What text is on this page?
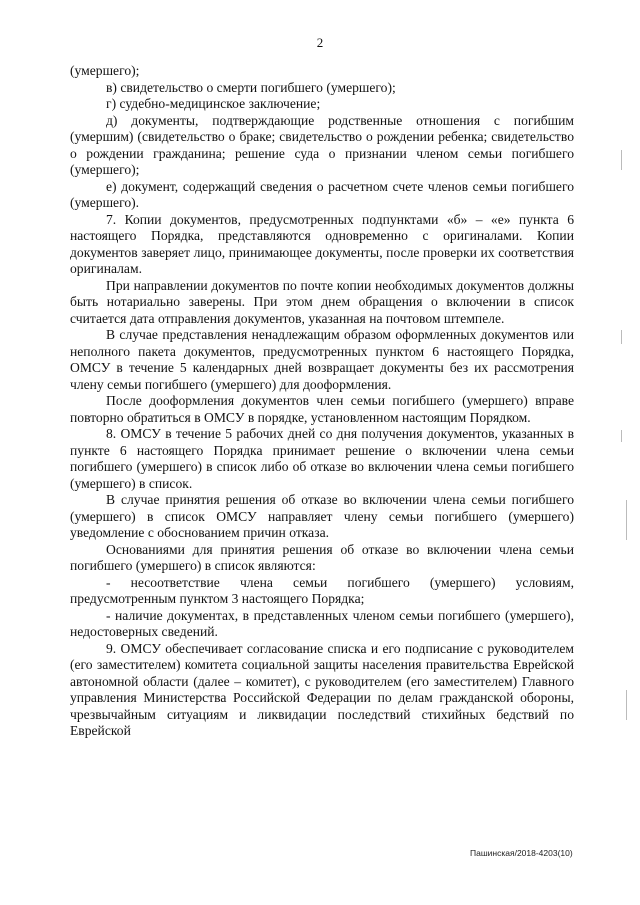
2

(умершего);

в) свидетельство о смерти погибшего (умершего);

г) судебно-медицинское заключение;

д) документы, подтверждающие родственные отношения с погибшим (умершим) (свидетельство о браке; свидетельство о рождении ребенка; свидетельство о рождении гражданина; решение суда о признании членом семьи погибшего (умершего);

е) документ, содержащий сведения о расчетном счете членов семьи погибшего (умершего).

7. Копии документов, предусмотренных подпунктами «б» – «е» пункта 6 настоящего Порядка, представляются одновременно с оригиналами. Копии документов заверяет лицо, принимающее документы, после проверки их соответствия оригиналам.

При направлении документов по почте копии необходимых документов должны быть нотариально заверены. При этом днем обращения о включении в список считается дата отправления документов, указанная на почтовом штемпеле.

В случае представления ненадлежащим образом оформленных документов или неполного пакета документов, предусмотренных пунктом 6 настоящего Порядка, ОМСУ в течение 5 календарных дней возвращает документы без их рассмотрения члену семьи погибшего (умершего) для дооформления.

После дооформления документов член семьи погибшего (умершего) вправе повторно обратиться в ОМСУ в порядке, установленном настоящим Порядком.

8. ОМСУ в течение 5 рабочих дней со дня получения документов, указанных в пункте 6 настоящего Порядка принимает решение о включении члена семьи погибшего (умершего) в список либо об отказе во включении члена семьи погибшего (умершего) в список.

В случае принятия решения об отказе во включении члена семьи погибшего (умершего) в список ОМСУ направляет члену семьи погибшего (умершего) уведомление с обоснованием причин отказа.

Основаниями для принятия решения об отказе во включении члена семьи погибшего (умершего) в список являются:

- несоответствие члена семьи погибшего (умершего) условиям, предусмотренным пунктом 3 настоящего Порядка;

- наличие документах, в представленных членом семьи погибшего (умершего), недостоверных сведений.

9. ОМСУ обеспечивает согласование списка и его подписание с руководителем (его заместителем) комитета социальной защиты населения правительства Еврейской автономной области (далее – комитет), с руководителем (его заместителем) Главного управления Министерства Российской Федерации по делам гражданской обороны, чрезвычайным ситуациям и ликвидации последствий стихийных бедствий по Еврейской

Пашинская/2018-4203(10)
